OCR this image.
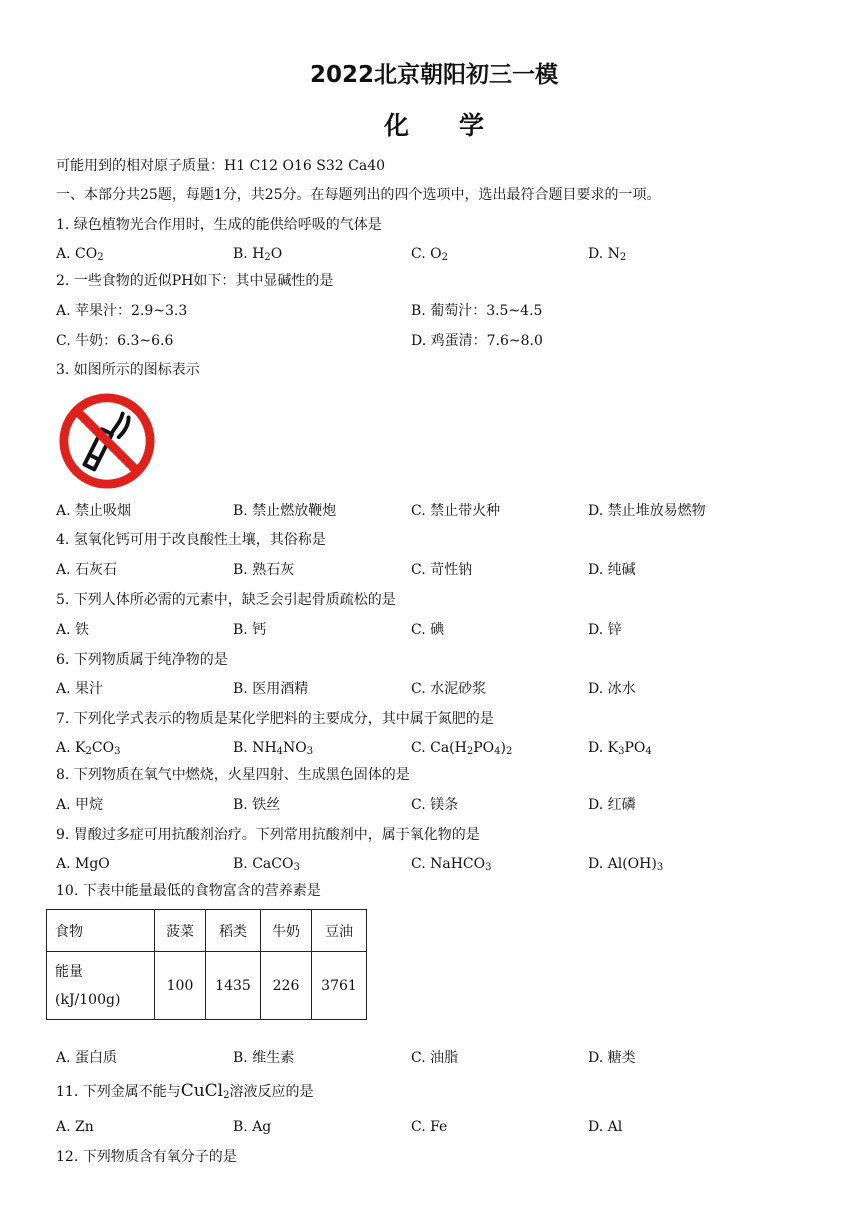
2022北京朝阳初三一模
化 学
可能用到的相对原子质量：H1 C12 O16 S32 Ca40
一、本部分共25题，每题1分，共25分。在每题列出的四个选项中，选出最符合题目要求的一项。
1. 绿色植物光合作用时，生成的能供给呼吸的气体是
A. $CO_2$	B. $H_2O$	C. $O_2$	D. $N_2$
2. 一些食物的近似PH如下：其中显碱性的是
A. 苹果汁：2.9~3.3	B. 葡萄汁：3.5~4.5
C. 牛奶：6.3~6.6	D. 鸡蛋清：7.6~8.0
3. 如图所示的图标表示
A. 禁止吸烟	B. 禁止燃放鞭炮	C. 禁止带火种	D. 禁止堆放易燃物
4. 氢氧化钙可用于改良酸性土壤，其俗称是
A. 石灰石	B. 熟石灰	C. 苛性钠	D. 纯碱
5. 下列人体所必需的元素中，缺乏会引起骨质疏松的是
A. 铁	B. 钙	C. 碘	D. 锌
6. 下列物质属于纯净物的是
A. 果汁	B. 医用酒精	C. 水泥砂浆	D. 冰水
7. 下列化学式表示的物质是某化学肥料的主要成分，其中属于氮肥的是
A. $K_2CO_3$	B. $NH_4NO_3$	C. $Ca(H_2PO_4)_2$	D. $K_3PO_4$
8. 下列物质在氧气中燃烧，火星四射、生成黑色固体的是
A. 甲烷	B. 铁丝	C. 镁条	D. 红磷
9. 胃酸过多症可用抗酸剂治疗。下列常用抗酸剂中，属于氧化物的是
A. MgO	B. CaCO$_3$	C. NaHCO$_3$	D. $Al(OH)_3$
10. 下表中能量最低的食物富含的营养素是
食物	菠菜	稻类	牛奶	豆油

能量
(kJ/100g)	100	1435	226	3761
A. 蛋白质	B. 维生素	C. 油脂	D. 糖类
11. 下列金属不能与CuCl$_2$溶液反应的是
A. Zn	B. Ag	C. Fe	D. Al
12. 下列物质含有氧分子的是
